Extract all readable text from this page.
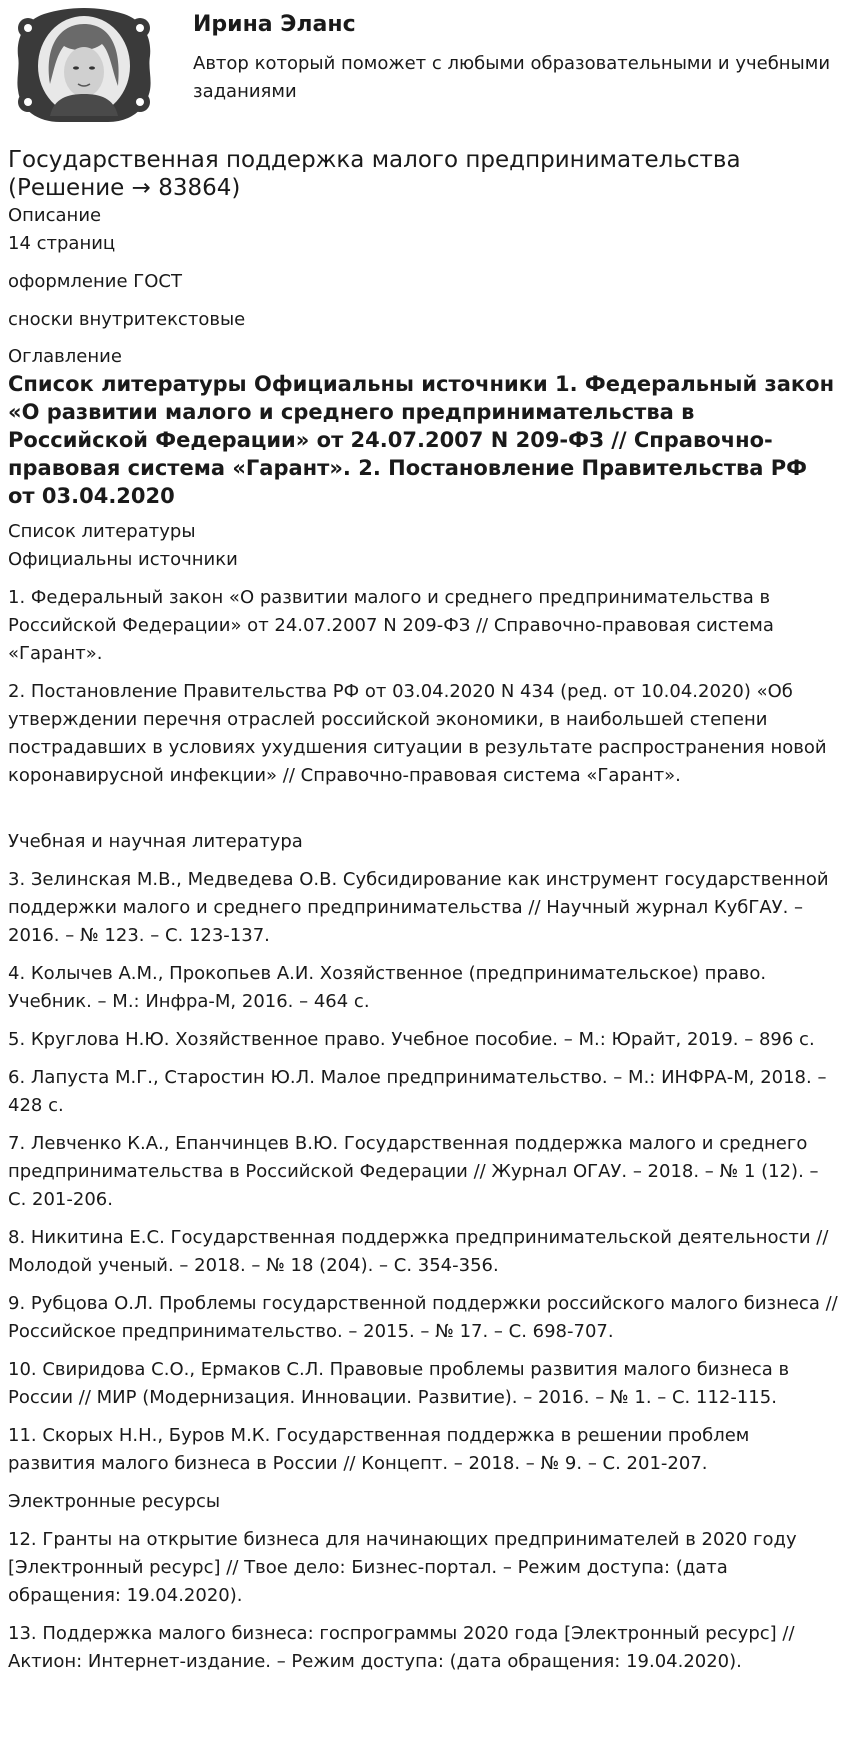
Ирина Эланс
Автор который поможет с любыми образовательными и учебными заданиями
Государственная поддержка малого предпринимательства (Решение → 83864)
Описание
14 страниц
оформление ГОСТ
сноски внутритекстовые
Оглавление
Список литературы Официальны источники 1. Федеральный закон «О развитии малого и среднего предпринимательства в Российской Федерации» от 24.07.2007 N 209-ФЗ // Справочно-правовая система «Гарант». 2. Постановление Правительства РФ от 03.04.2020
Список литературы
Официальны источники
1. Федеральный закон «О развитии малого и среднего предпринимательства в Российской Федерации» от 24.07.2007 N 209-ФЗ // Справочно-правовая система «Гарант».
2. Постановление Правительства РФ от 03.04.2020 N 434 (ред. от 10.04.2020) «Об утверждении перечня отраслей российской экономики, в наибольшей степени пострадавших в условиях ухудшения ситуации в результате распространения новой коронавирусной инфекции» // Справочно-правовая система «Гарант».
Учебная и научная литература
3. Зелинская М.В., Медведева О.В. Субсидирование как инструмент государственной поддержки малого и среднего предпринимательства // Научный журнал КубГАУ. – 2016. – № 123. – С. 123-137.
4. Колычев А.М., Прокопьев А.И. Хозяйственное (предпринимательское) право. Учебник. – М.: Инфра-М, 2016. – 464 с.
5. Круглова Н.Ю. Хозяйственное право. Учебное пособие. – М.: Юрайт, 2019. – 896 с.
6. Лапуста М.Г., Старостин Ю.Л. Малое предпринимательство. – М.: ИНФРА-М, 2018. – 428 с.
7. Левченко К.А., Епанчинцев В.Ю. Государственная поддержка малого и среднего предпринимательства в Российской Федерации // Журнал ОГАУ. – 2018. – № 1 (12). – С. 201-206.
8. Никитина Е.С. Государственная поддержка предпринимательской деятельности // Молодой ученый. – 2018. – № 18 (204). – С. 354-356.
9. Рубцова О.Л. Проблемы государственной поддержки российского малого бизнеса // Российское предпринимательство. – 2015. – № 17. – С. 698-707.
10. Свиридова С.О., Ермаков С.Л. Правовые проблемы развития малого бизнеса в России // МИР (Модернизация. Инновации. Развитие). – 2016. – № 1. – С. 112-115.
11. Скорых Н.Н., Буров М.К. Государственная поддержка в решении проблем развития малого бизнеса в России // Концепт. – 2018. – № 9. – С. 201-207.
Электронные ресурсы
12. Гранты на открытие бизнеса для начинающих предпринимателей в 2020 году [Электронный ресурс] // Твое дело: Бизнес-портал. – Режим доступа: (дата обращения: 19.04.2020).
13. Поддержка малого бизнеса: госпрограммы 2020 года [Электронный ресурс] // Актион: Интернет-издание. – Режим доступа: (дата обращения: 19.04.2020).
